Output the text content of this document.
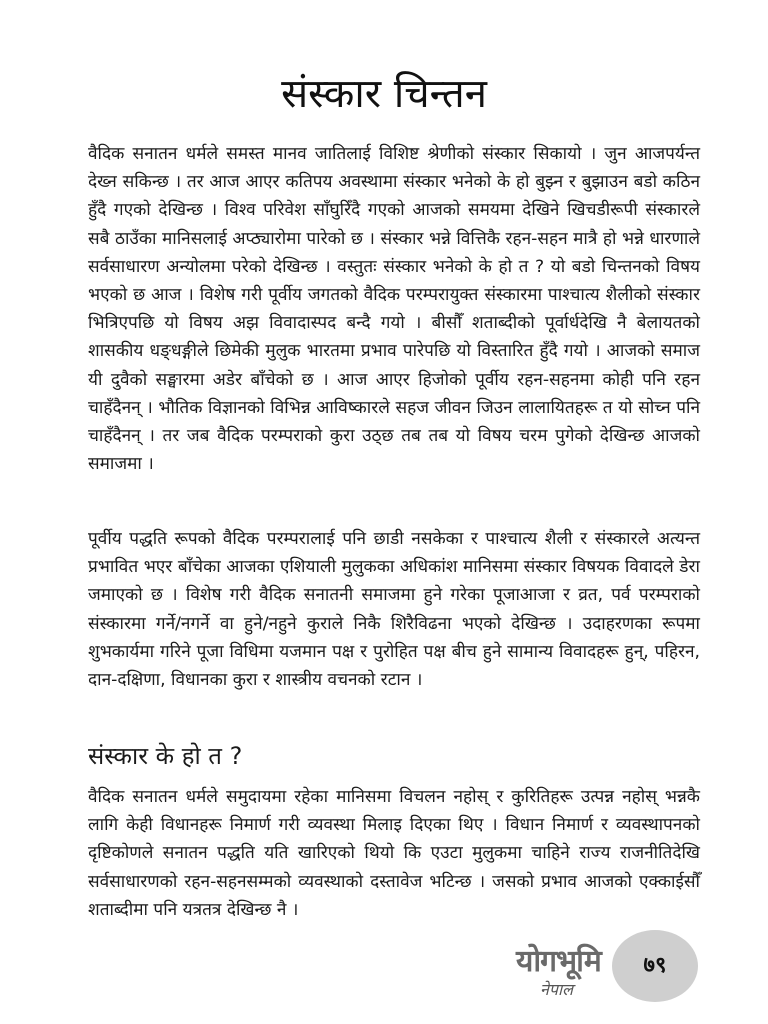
संस्कार चिन्तन

वैदिक सनातन धर्मले समस्त मानव जातिलाई विशिष्ट श्रेणीको संस्कार सिकायो । जुन आजपर्यन्त देख्न सकिन्छ । तर आज आएर कतिपय अवस्थामा संस्कार भनेको के हो बुझ्न र बुझाउन बडो कठिन हुँदै गएको देखिन्छ । विश्व परिवेश साँघुरिँदै गएको आजको समयमा देखिने खिचडीरूपी संस्कारले सबै ठाउँका मानिसलाई अप्ठ्यारोमा पारेको छ । संस्कार भन्ने वित्तिकै रहन-सहन मात्रै हो भन्ने धारणाले सर्वसाधारण अन्योलमा परेको देखिन्छ । वस्तुतः संस्कार भनेको के हो त ? यो बडो चिन्तनको विषय भएको छ आज । विशेष गरी पूर्वीय जगतको वैदिक परम्परायुक्त संस्कारमा पाश्चात्य शैलीको संस्कार भित्रिएपछि यो विषय अझ विवादास्पद बन्दै गयो । बीसौँ शताब्दीको पूर्वार्धदेखि नै बेलायतको शासकीय धङ्धङ्गीले छिमेकी मुलुक भारतमा प्रभाव पारेपछि यो विस्तारित हुँदै गयो । आजको समाज यी दुवैको सङ्घारमा अडेर बाँचेको छ । आज आएर हिजोको पूर्वीय रहन-सहनमा कोही पनि रहन चाहँदैनन् । भौतिक विज्ञानको विभिन्न आविष्कारले सहज जीवन जिउन लालायितहरू त यो सोच्न पनि चाहँदैनन् । तर जब वैदिक परम्पराको कुरा उठ्छ तब तब यो विषय चरम पुगेको देखिन्छ आजको समाजमा ।

पूर्वीय पद्धति रूपको वैदिक परम्परालाई पनि छाडी नसकेका र पाश्चात्य शैली र संस्कारले अत्यन्त प्रभावित भएर बाँचेका आजका एशियाली मुलुकका अधिकांश मानिसमा संस्कार विषयक विवादले डेरा जमाएको छ । विशेष गरी वैदिक सनातनी समाजमा हुने गरेका पूजाआजा र व्रत, पर्व परम्पराको संस्कारमा गर्ने/नगर्ने वा हुने/नहुने कुराले निकै शिरैविढना भएको देखिन्छ । उदाहरणका रूपमा शुभकार्यमा गरिने पूजा विधिमा यजमान पक्ष र पुरोहित पक्ष बीच हुने सामान्य विवादहरू हुन्, पहिरन, दान-दक्षिणा, विधानका कुरा र शास्त्रीय वचनको रटान ।

संस्कार के हो त ?

वैदिक सनातन धर्मले समुदायमा रहेका मानिसमा विचलन नहोस् र कुरितिहरू उत्पन्न नहोस् भन्नकै लागि केही विधानहरू निमार्ण गरी व्यवस्था मिलाइ दिएका थिए । विधान निमार्ण र व्यवस्थापनको दृष्टिकोणले सनातन पद्धति यति खारिएको थियो कि एउटा मुलुकमा चाहिने राज्य राजनीतिदेखि सर्वसाधारणको रहन-सहनसम्मको व्यवस्थाको दस्तावेज भटिन्छ । जसको प्रभाव आजको एक्काईसौँ शताब्दीमा पनि यत्रतत्र देखिन्छ नै ।

७९
योगभूमि
नेपाल
